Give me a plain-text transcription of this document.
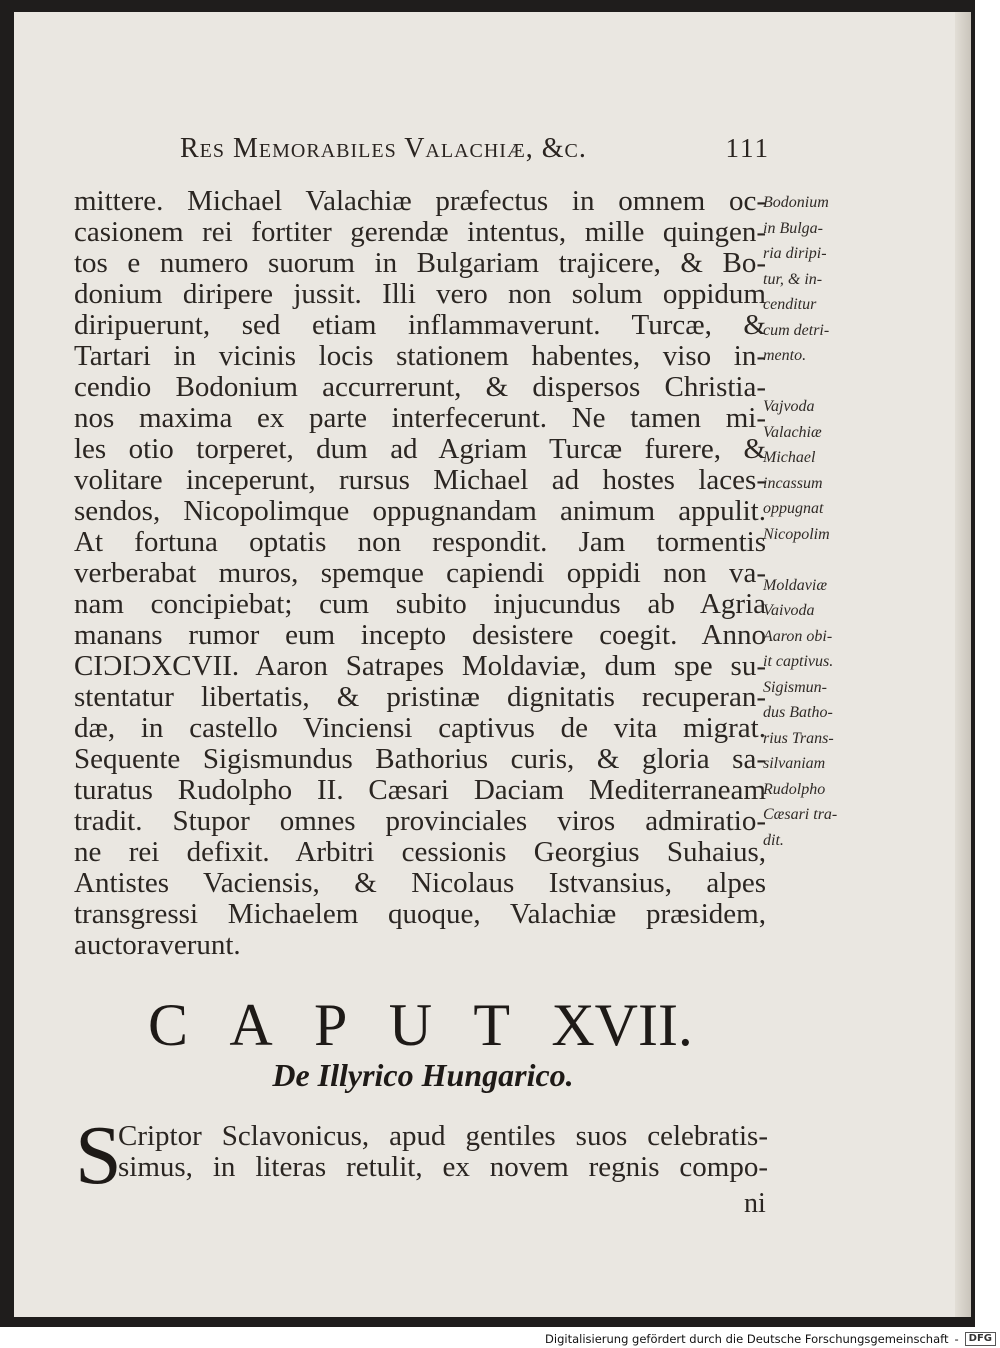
Res Memorabiles Valachiæ, &c.	111
mittere. Michael Valachiæ præfectus in omnem oc-
casionem rei fortiter gerendæ intentus, mille quingen-
tos e numero suorum in Bulgariam trajicere, & Bo-
donium diripere jussit. Illi vero non solum oppidum
diripuerunt, sed etiam inflammaverunt. Turcæ, &
Tartari in vicinis locis stationem habentes, viso in-
cendio Bodonium accurrerunt, & dispersos Christia-
nos maxima ex parte interfecerunt. Ne tamen mi-
les otio torperet, dum ad Agriam Turcæ furere, &
volitare inceperunt, rursus Michael ad hostes laces-
sendos, Nicopolimque oppugnandam animum appulit.
At fortuna optatis non respondit. Jam tormentis
verberabat muros, spemque capiendi oppidi non va-
nam concipiebat; cum subito injucundus ab Agria
manans rumor eum incepto desistere coegit. Anno
CIƆIƆXCVII. Aaron Satrapes Moldaviæ, dum spe su-
stentatur libertatis, & pristinæ dignitatis recuperan-
dæ, in castello Vinciensi captivus de vita migrat.
Sequente Sigismundus Bathorius curis, & gloria sa-
turatus Rudolpho II. Cæsari Daciam Mediterraneam
tradit. Stupor omnes provinciales viros admiratio-
ne rei defixit. Arbitri cessionis Georgius Suhaius,
Antistes Vaciensis, & Nicolaus Istvansius, alpes
transgressi Michaelem quoque, Valachiæ præsidem,
auctoraverunt.
Bodonium
in Bulga-
ria diripi-
tur, & in-
cenditur
cum detri-
mento.
Vajvoda
Valachiæ
Michael
incassum
oppugnat
Nicopolim
Moldaviæ
Vaivoda
Aaron obi-
it captivus.
Sigismun-
dus Batho-
rius Trans-
silvaniam
Rudolpho
Cæsari tra-
dit.
C A P U T XVII.
De Illyrico Hungarico.
S
Criptor Sclavonicus, apud gentiles suos celebratis-
simus, in literas retulit, ex novem regnis compo-
ni
Digitalisierung gefördert durch die Deutsche Forschungsgemeinschaft -	DFG
